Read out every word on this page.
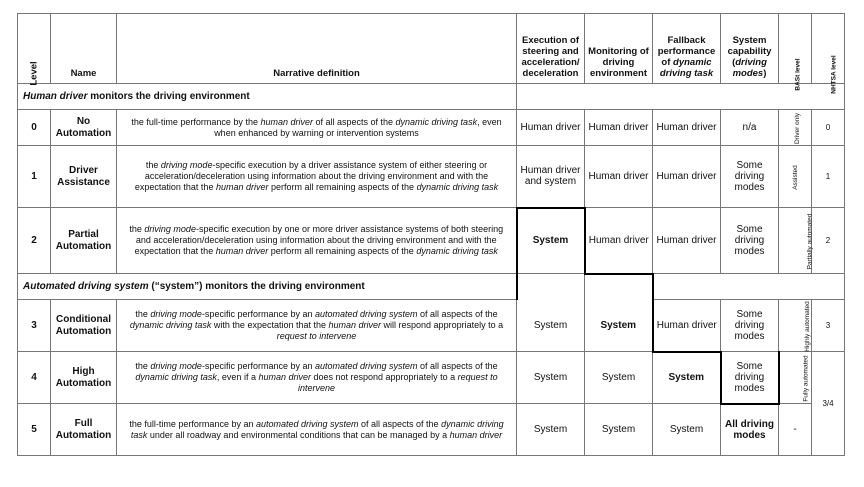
Level	Name	Narrative definition	Execution of steering and acceleration/ deceleration	Monitoring of driving environment	Fallback performance of dynamic driving task	System capability (driving modes)	BASt level	NHTSA level
Human driver monitors the driving environment								
0	No Automation	the full-time performance by the human driver of all aspects of the dynamic driving task, even when enhanced by warning or intervention systems	Human driver	Human driver	Human driver	n/a	Driver only	0
1	Driver Assistance	the driving mode-specific execution by a driver assistance system of either steering or acceleration/deceleration using information about the driving environment and with the expectation that the human driver perform all remaining aspects of the dynamic driving task	Human driver and system	Human driver	Human driver	Some driving modes	Assisted	1
2	Partial Automation	the driving mode-specific execution by one or more driver assistance systems of both steering and acceleration/deceleration using information about the driving environment and with the expectation that the human driver perform all remaining aspects of the dynamic driving task	System	Human driver	Human driver	Some driving modes	Partially automated	2
Automated driving system (“system”) monitors the driving environment								
3	Conditional Automation	the driving mode-specific performance by an automated driving system of all aspects of the dynamic driving task with the expectation that the human driver will respond appropriately to a request to intervene	System	System	Human driver	Some driving modes	Highly automated	3
4	High Automation	the driving mode-specific performance by an automated driving system of all aspects of the dynamic driving task, even if a human driver does not respond appropriately to a request to intervene	System	System	System	Some driving modes	Fully automated	3/4
5	Full Automation	the full-time performance by an automated driving system of all aspects of the dynamic driving task under all roadway and environmental conditions that can be managed by a human driver	System	System	System	All driving modes	-	
